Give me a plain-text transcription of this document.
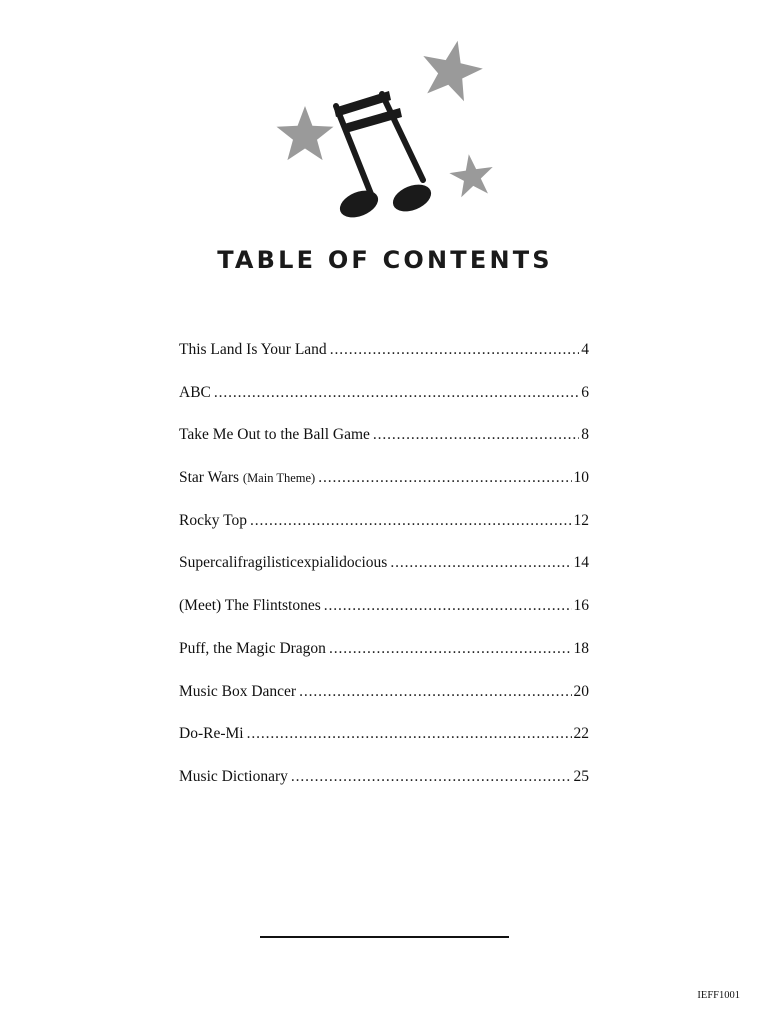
TABLE OF CONTENTS
This Land Is Your Land . . .	4
ABC . . .	6
Take Me Out to the Ball Game . . .	8
Star Wars (Main Theme) . . .	10
Rocky Top . . .	12
Supercalifragilisticexpialidocious . . .	14
(Meet) The Flintstones . . .	16
Puff, the Magic Dragon . . .	18
Music Box Dancer . . .	20
Do-Re-Mi . . .	22
Music Dictionary . . .	25
IEFF1001
